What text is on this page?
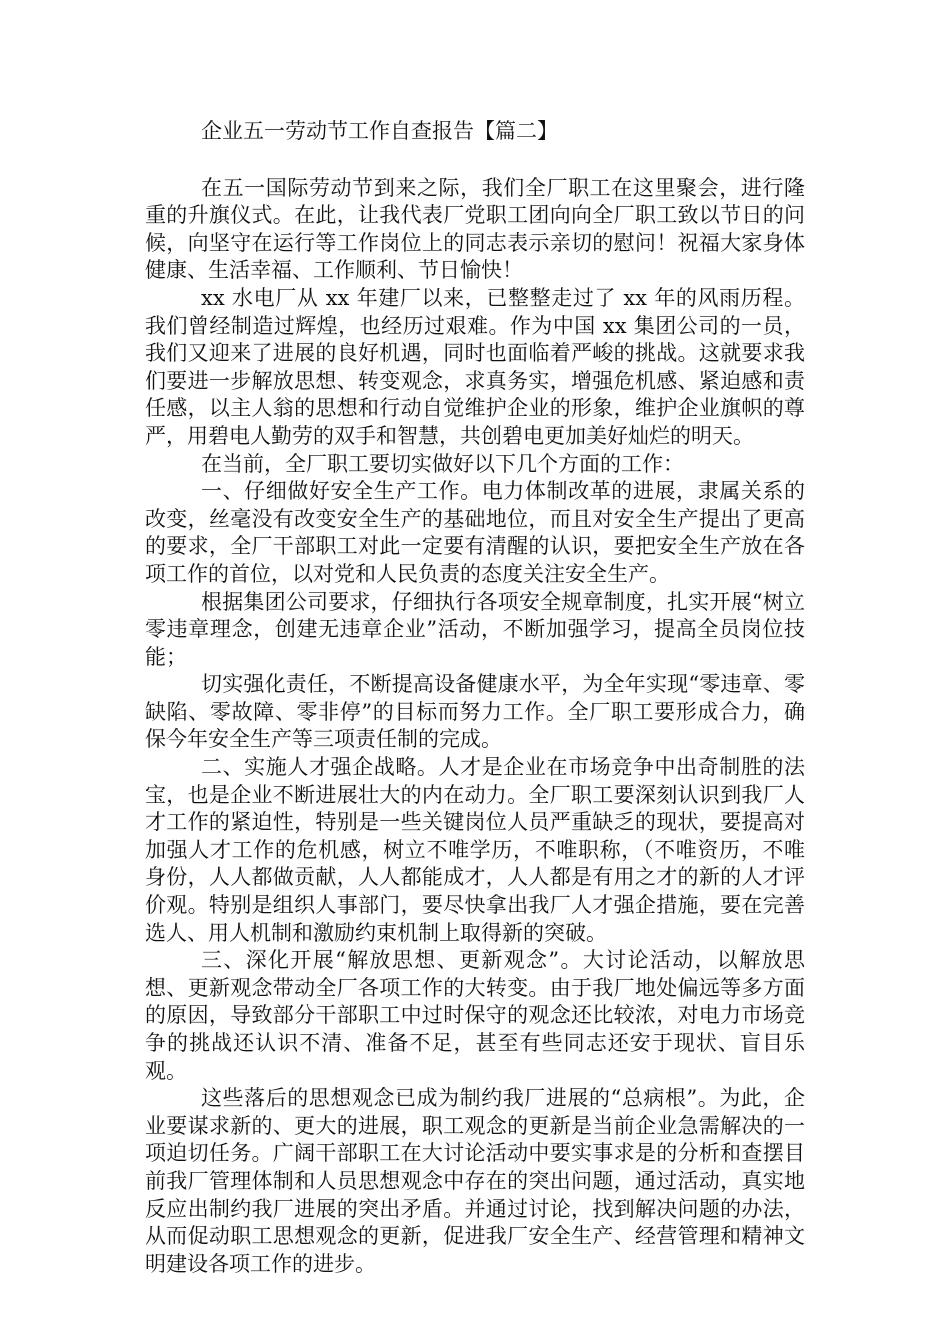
企业五一劳动节工作自查报告【篇二】

在五一国际劳动节到来之际，我们全厂职工在这里聚会，进行隆重的升旗仪式。在此，让我代表厂党职工团向向全厂职工致以节日的问候，向坚守在运行等工作岗位上的同志表示亲切的慰问！祝福大家身体健康、生活幸福、工作顺利、节日愉快！

xx 水电厂从 xx 年建厂以来，已整整走过了 xx 年的风雨历程。我们曾经制造过辉煌，也经历过艰难。作为中国 xx 集团公司的一员，我们又迎来了进展的良好机遇，同时也面临着严峻的挑战。这就要求我们要进一步解放思想、转变观念，求真务实，增强危机感、紧迫感和责任感，以主人翁的思想和行动自觉维护企业的形象，维护企业旗帜的尊严，用碧电人勤劳的双手和智慧，共创碧电更加美好灿烂的明天。

在当前，全厂职工要切实做好以下几个方面的工作：

一、仔细做好安全生产工作。电力体制改革的进展，隶属关系的改变，丝毫没有改变安全生产的基础地位，而且对安全生产提出了更高的要求，全厂干部职工对此一定要有清醒的认识，要把安全生产放在各项工作的首位，以对党和人民负责的态度关注安全生产。

根据集团公司要求，仔细执行各项安全规章制度，扎实开展“树立零违章理念，创建无违章企业”活动，不断加强学习，提高全员岗位技能；

切实强化责任，不断提高设备健康水平，为全年实现“零违章、零缺陷、零故障、零非停”的目标而努力工作。全厂职工要形成合力，确保今年安全生产等三项责任制的完成。

二、实施人才强企战略。人才是企业在市场竞争中出奇制胜的法宝，也是企业不断进展壮大的内在动力。全厂职工要深刻认识到我厂人才工作的紧迫性，特别是一些关键岗位人员严重缺乏的现状，要提高对加强人才工作的危机感，树立不唯学历，不唯职称，（不唯资历，不唯身份，人人都做贡献，人人都能成才，人人都是有用之才的新的人才评价观。特别是组织人事部门，要尽快拿出我厂人才强企措施，要在完善选人、用人机制和激励约束机制上取得新的突破。

三、深化开展“解放思想、更新观念”。大讨论活动，以解放思想、更新观念带动全厂各项工作的大转变。由于我厂地处偏远等多方面的原因，导致部分干部职工中过时保守的观念还比较浓，对电力市场竞争的挑战还认识不清、准备不足，甚至有些同志还安于现状、盲目乐观。

这些落后的思想观念已成为制约我厂进展的“总病根”。为此，企业要谋求新的、更大的进展，职工观念的更新是当前企业急需解决的一项迫切任务。广阔干部职工在大讨论活动中要实事求是的分析和查摆目前我厂管理体制和人员思想观念中存在的突出问题，通过活动，真实地反应出制约我厂进展的突出矛盾。并通过讨论，找到解决问题的办法，从而促动职工思想观念的更新，促进我厂安全生产、经营管理和精神文明建设各项工作的进步。
